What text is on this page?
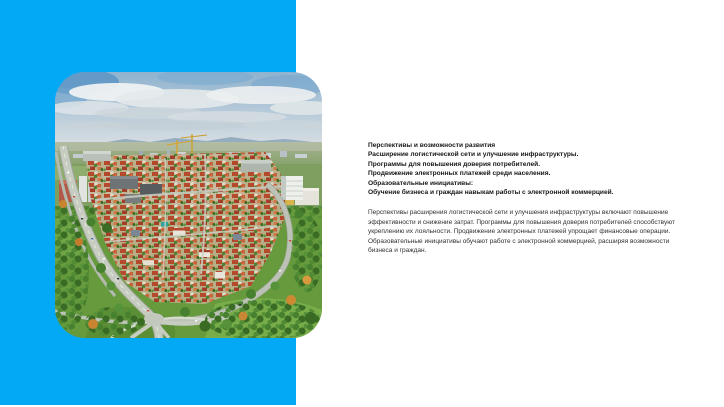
Перспективы и возможности развития

Расширение логистической сети и улучшение инфраструктуры.

Программы для повышения доверия потребителей.

Продвижение электронных платежей среди населения.

Образовательные инициативы:

Обучение бизнеса и граждан навыкам работы с электронной коммерцией.

Перспективы расширения логистической сети и улучшения инфраструктуры включают повышение эффективности и снижение затрат. Программы для повышения доверия потребителей способствуют укреплению их лояльности. Продвижение электронных платежей упрощает финансовые операции. Образовательные инициативы обучают работе с электронной коммерцией, расширяя возможности бизнеса и граждан.
